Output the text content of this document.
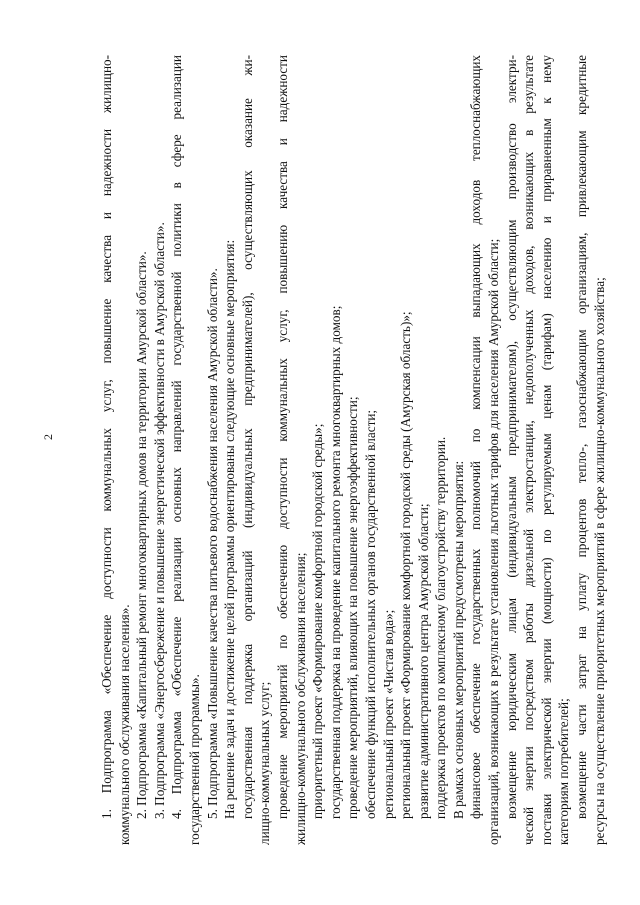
2	1. Подпрограмма «Обеспечение доступности коммунальных услуг, повышение качества и надежности жилищно- коммунального обслуживания населения». 2. Подпрограмма «Капитальный ремонт многоквартирных домов на территории Амурской области». 3. Подпрограмма «Энергосбережение и повышение энергетической эффективности в Амурской области». 4. Подпрограмма «Обеспечение реализации основных направлений государственной политики в сфере реализации государственной программы». 5. Подпрограмма «Повышение качества питьевого водоснабжения населения Амурской области». На решение задач и достижение целей программы ориентированы следующие основные мероприятия: государственная поддержка организаций (индивидуальных предпринимателей), осуществляющих оказание жи- лищно-коммунальных услуг; проведение мероприятий по обеспечению доступности коммунальных услуг, повышению качества и надежности жилищно-коммунального обслуживания населения; приоритетный проект «Формирование комфортной городской среды»; государственная поддержка на проведение капитального ремонта многоквартирных домов; проведение мероприятий, влияющих на повышение энергоэффективности; обеспечение функций исполнительных органов государственной власти; региональный проект «Чистая вода»; региональный проект «Формирование комфортной городской среды (Амурская область)»; развитие административного центра Амурской области; поддержка проектов по комплексному благоустройству территории. В рамках основных мероприятий предусмотрены мероприятия: финансовое обеспечение государственных полномочий по компенсации выпадающих доходов теплоснабжающих организаций, возникающих в результате установления льготных тарифов для населения Амурской области; возмещение юридическим лицам (индивидуальным предпринимателям), осуществляющим производство электри- ческой энергии посредством работы дизельной электростанции, недополученных доходов, возникающих в результате поставки электрической энергии (мощности) по регулируемым ценам (тарифам) населению и приравненным к нему категориям потребителей; возмещение части затрат на уплату процентов тепло-, газоснабжающим организациям, привлекающим кредитные ресурсы на осуществление приоритетных мероприятий в сфере жилищно-коммунального хозяйства;
